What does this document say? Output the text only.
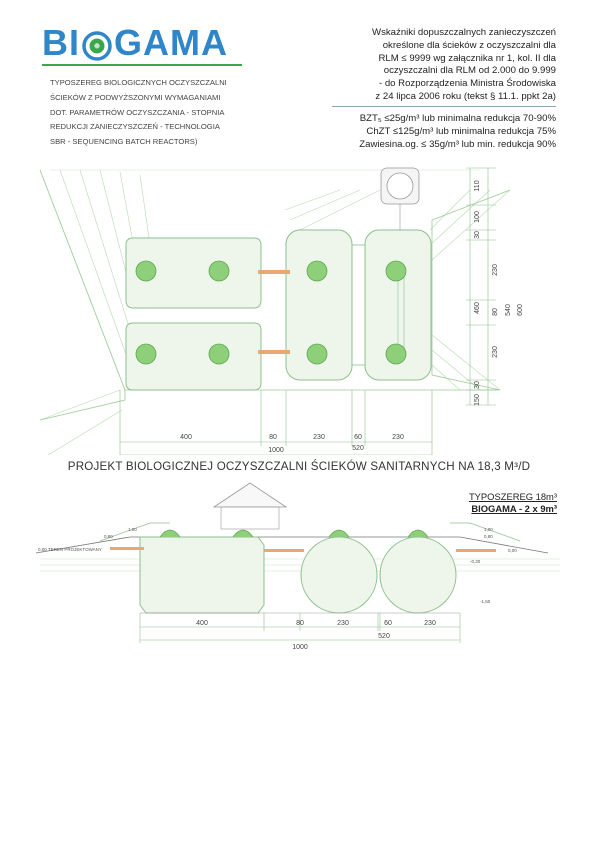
BI GAMA
TYPOSZEREG BIOLOGICZNYCH OCZYSZCZALNI
ŚCIEKÓW Z PODWYŻSZONYMI WYMAGANIAMI
DOT. PARAMETRÓW OCZYSZCZANIA - STOPNIA
REDUKCJI ZANIECZYSZCZEŃ - TECHNOLOGIA
SBR - SEQUENCING BATCH REACTORS)
Wskaźniki dopuszczalnych zanieczyszczeń
określone dla ścieków z oczyszczalni dla
RLM ≤ 9999 wg załącznika nr 1, kol. II dla
oczyszczalni dla RLM od 2.000 do 9.999
- do Rozporządzenia Ministra Środowiska
z 24 lipca 2006 roku (tekst § 11.1. ppkt 2a)
BZT₅ ≤25g/m³ lub minimalna redukcja 70-90%
ChZT ≤125g/m³ lub minimalna redukcja 75%
Zawiesina.og. ≤ 35g/m³ lub min. redukcja 90%
400	80	230	60	230
520
1000
110
100
30
230
80
230
30
150
460	540 600
PROJEKT BIOLOGICZNEJ OCZYSZCZALNI ŚCIEKÓW SANITARNYCH NA 18,3 M³/D
TYPOSZEREG 18m³
BIOGAMA - 2 x 9m³
0,00 TEREN PROJEKTOWANY
1,00
0,80
1,00
0,80
0,00
-0,30
-1,50
400	80	230	60	230
520
1000
